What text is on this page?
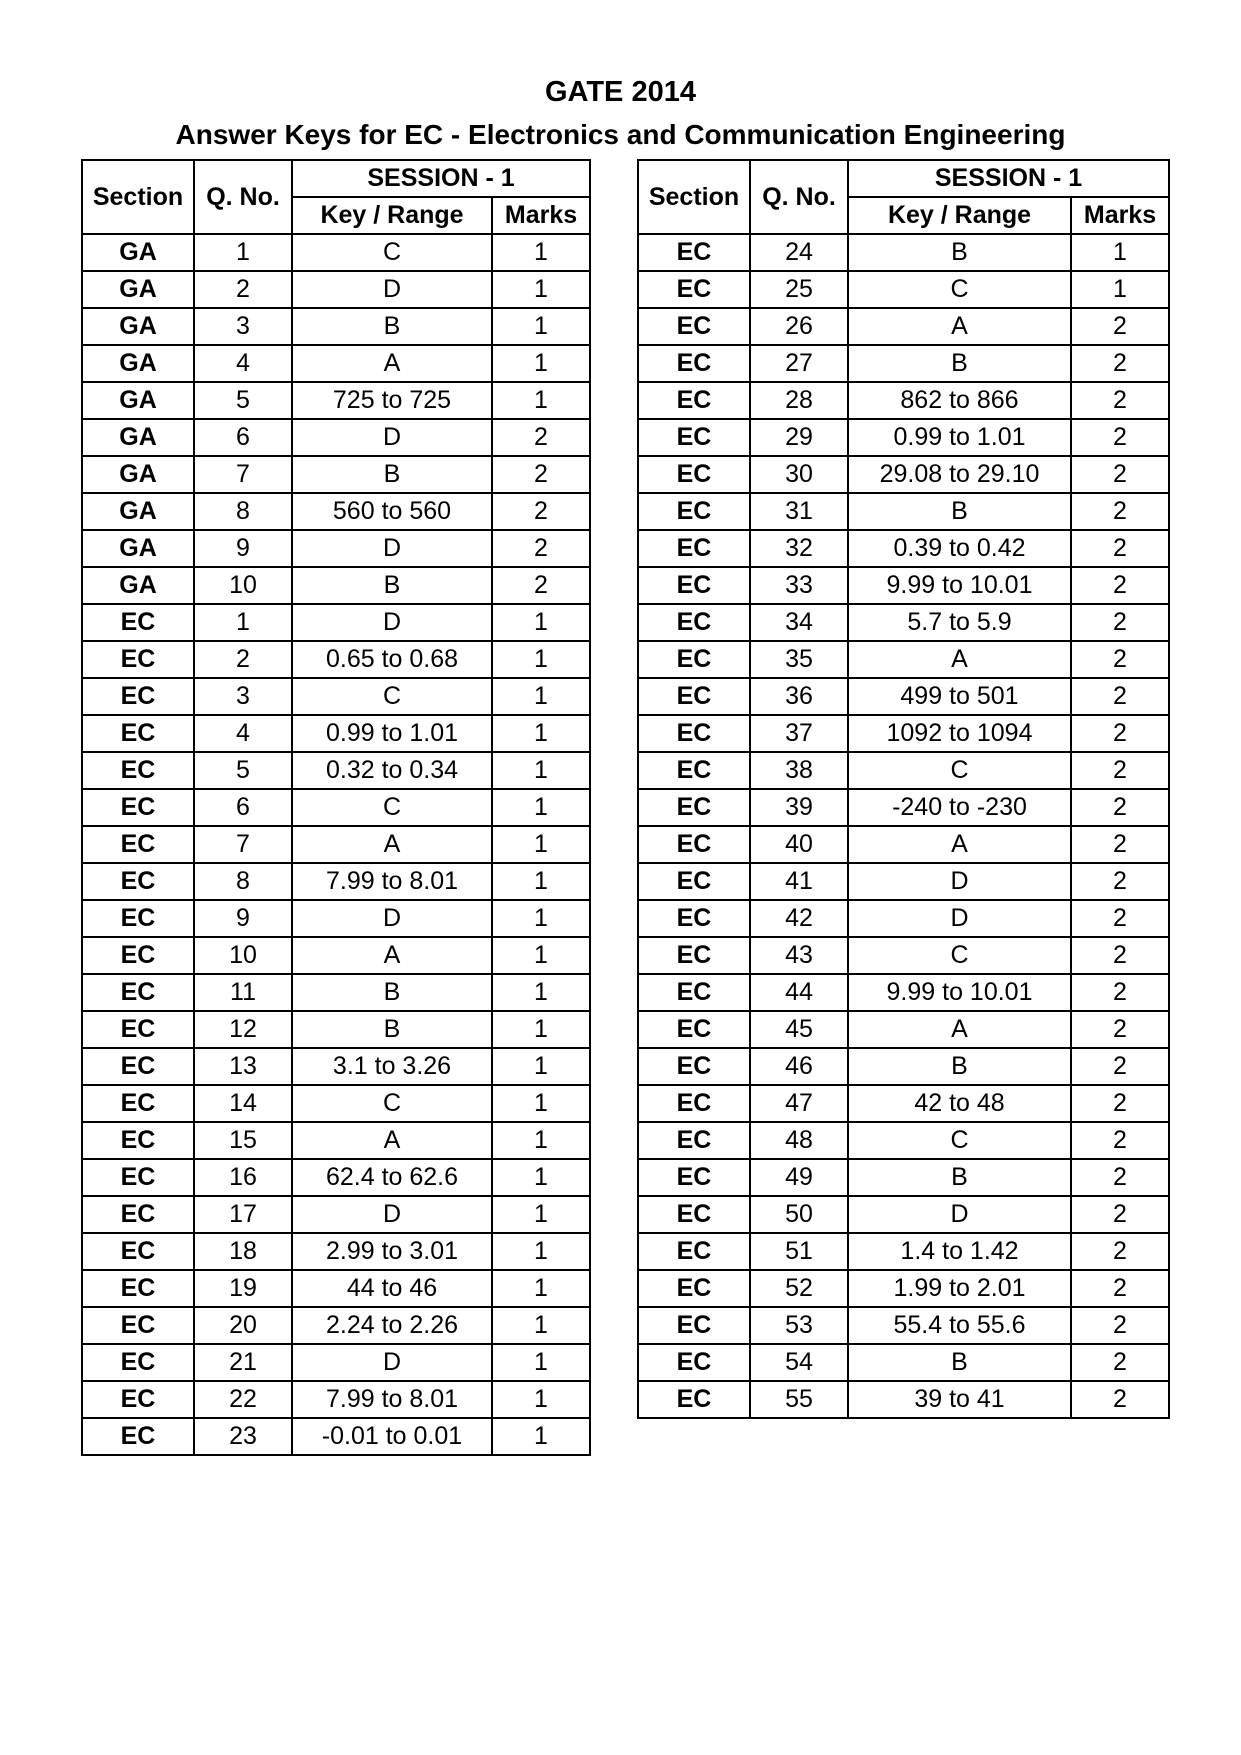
GATE 2014
Answer Keys for EC - Electronics and Communication Engineering
Section	Q. No.	SESSION - 1	
		Key / Range	Marks
GA	1	C	1
GA	2	D	1
GA	3	B	1
GA	4	A	1
GA	5	725 to 725	1
GA	6	D	2
GA	7	B	2
GA	8	560 to 560	2
GA	9	D	2
GA	10	B	2
EC	1	D	1
EC	2	0.65 to 0.68	1
EC	3	C	1
EC	4	0.99 to 1.01	1
EC	5	0.32 to 0.34	1
EC	6	C	1
EC	7	A	1
EC	8	7.99 to 8.01	1
EC	9	D	1
EC	10	A	1
EC	11	B	1
EC	12	B	1
EC	13	3.1 to 3.26	1
EC	14	C	1
EC	15	A	1
EC	16	62.4 to 62.6	1
EC	17	D	1
EC	18	2.99 to 3.01	1
EC	19	44 to 46	1
EC	20	2.24 to 2.26	1
EC	21	D	1
EC	22	7.99 to 8.01	1
EC	23	-0.01 to 0.01	1
Section	Q. No.	SESSION - 1	
		Key / Range	Marks
EC	24	B	1
EC	25	C	1
EC	26	A	2
EC	27	B	2
EC	28	862 to 866	2
EC	29	0.99 to 1.01	2
EC	30	29.08 to 29.10	2
EC	31	B	2
EC	32	0.39 to 0.42	2
EC	33	9.99 to 10.01	2
EC	34	5.7 to 5.9	2
EC	35	A	2
EC	36	499 to 501	2
EC	37	1092 to 1094	2
EC	38	C	2
EC	39	-240 to -230	2
EC	40	A	2
EC	41	D	2
EC	42	D	2
EC	43	C	2
EC	44	9.99 to 10.01	2
EC	45	A	2
EC	46	B	2
EC	47	42 to 48	2
EC	48	C	2
EC	49	B	2
EC	50	D	2
EC	51	1.4 to 1.42	2
EC	52	1.99 to 2.01	2
EC	53	55.4 to 55.6	2
EC	54	B	2
EC	55	39 to 41	2
